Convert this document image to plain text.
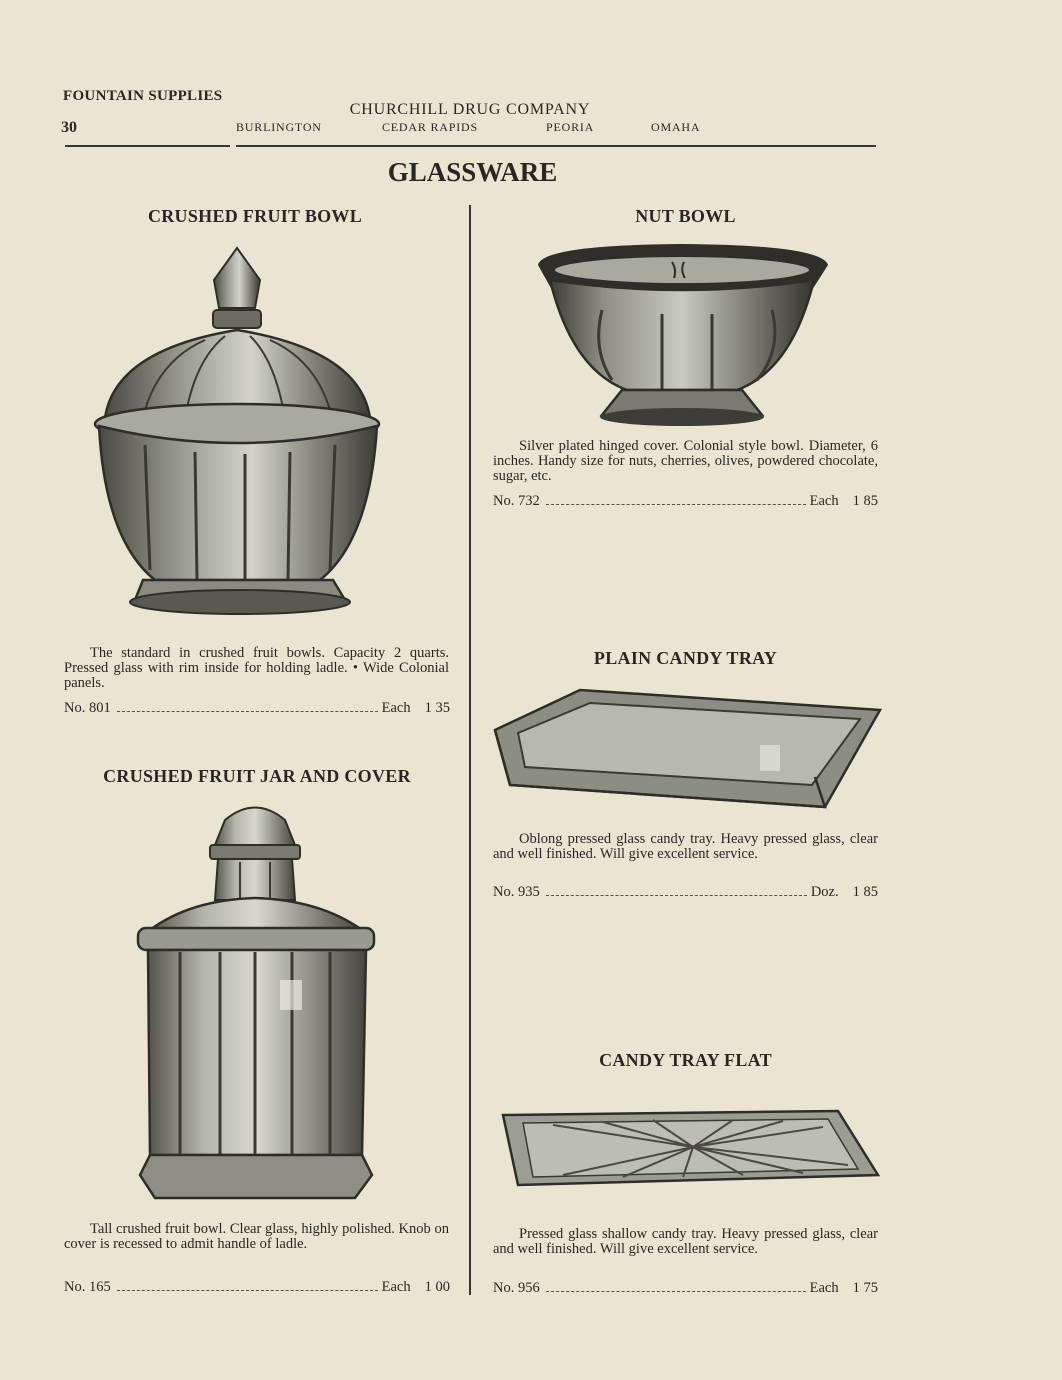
FOUNTAIN SUPPLIES
30
CHURCHILL DRUG COMPANY
BURLINGTON	CEDAR RAPIDS	PEORIA	OMAHA
GLASSWARE
CRUSHED FRUIT BOWL
The standard in crushed fruit bowls. Capacity 2 quarts. Pressed glass with rim inside for holding ladle. • Wide Colonial panels.
No. 801	Each 1 35
CRUSHED FRUIT JAR AND COVER
Tall crushed fruit bowl. Clear glass, highly polished. Knob on cover is recessed to admit handle of ladle.
No. 165	Each 1 00
NUT BOWL
Silver plated hinged cover. Colonial style bowl. Diameter, 6 inches. Handy size for nuts, cherries, olives, powdered chocolate, sugar, etc.
No. 732	Each 1 85
PLAIN CANDY TRAY
Oblong pressed glass candy tray. Heavy pressed glass, clear and well finished. Will give excellent service.
No. 935	Doz. 1 85
CANDY TRAY FLAT
Pressed glass shallow candy tray. Heavy pressed glass, clear and well finished. Will give excellent service.
No. 956	Each 1 75
